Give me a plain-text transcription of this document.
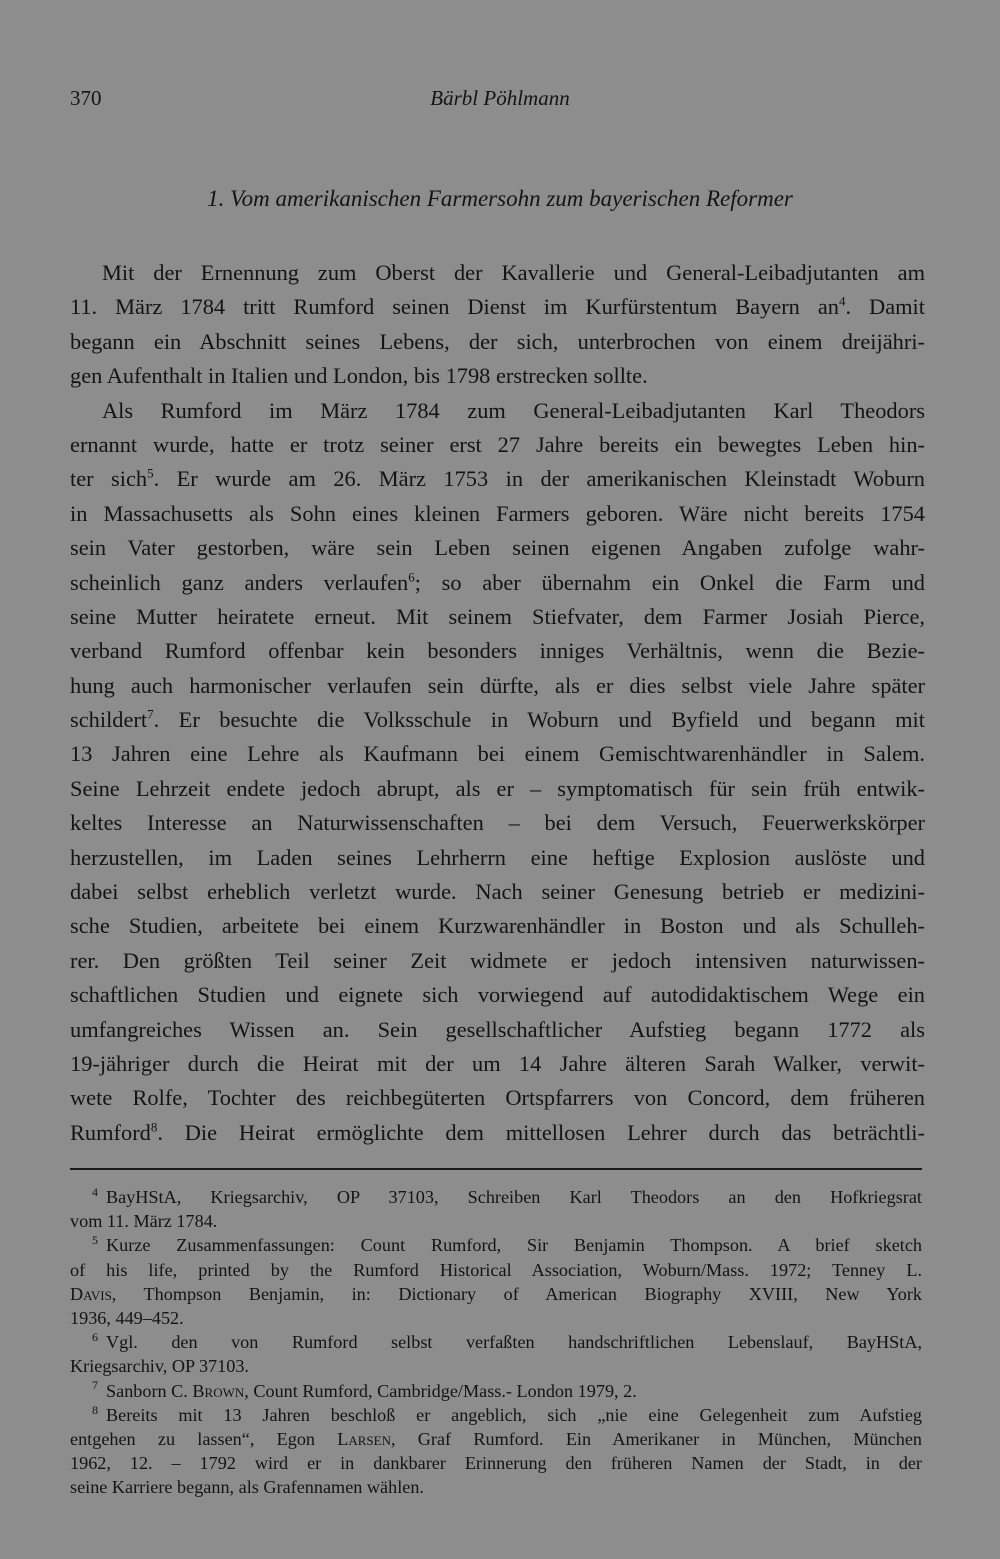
370	Bärbl Pöhlmann
1. Vom amerikanischen Farmersohn zum bayerischen Reformer
Mit der Ernennung zum Oberst der Kavallerie und General-Leibadjutanten am
11. März 1784 tritt Rumford seinen Dienst im Kurfürstentum Bayern $an^4$. Damit
begann ein Abschnitt seines Lebens, der sich, unterbrochen von einem dreijähri-
gen Aufenthalt in Italien und London, bis 1798 erstrecken sollte.
Als Rumford im März 1784 zum General-Leibadjutanten Karl Theodors
ernannt wurde, hatte er trotz seiner erst 27 Jahre bereits ein bewegtes Leben hin-
ter sich$^5$. Er wurde am 26. März 1753 in der amerikanischen Kleinstadt Woburn
in Massachusetts als Sohn eines kleinen Farmers geboren. Wäre nicht bereits 1754
sein Vater gestorben, wäre sein Leben seinen eigenen Angaben zufolge wahr-
scheinlich ganz anders verlaufen$^6$; so aber übernahm ein Onkel die Farm und
seine Mutter heiratete erneut. Mit seinem Stiefvater, dem Farmer Josiah Pierce,
verband Rumford offenbar kein besonders inniges Verhältnis, wenn die Bezie-
hung auch harmonischer verlaufen sein dürfte, als er dies selbst viele Jahre später
schildert$^7$. Er besuchte die Volksschule in Woburn und Byfield und begann mit
13 Jahren eine Lehre als Kaufmann bei einem Gemischtwarenhändler in Salem.
Seine Lehrzeit endete jedoch abrupt, als er – symptomatisch für sein früh entwik-
keltes Interesse an Naturwissenschaften – bei dem Versuch, Feuerwerkskörper
herzustellen, im Laden seines Lehrherrn eine heftige Explosion auslöste und
dabei selbst erheblich verletzt wurde. Nach seiner Genesung betrieb er medizini-
sche Studien, arbeitete bei einem Kurzwarenhändler in Boston und als Schulleh-
rer. Den größten Teil seiner Zeit widmete er jedoch intensiven naturwissen-
schaftlichen Studien und eignete sich vorwiegend auf autodidaktischem Wege ein
umfangreiches Wissen an. Sein gesellschaftlicher Aufstieg begann 1772 als
19-jähriger durch die Heirat mit der um 14 Jahre älteren Sarah Walker, verwit-
wete Rolfe, Tochter des reichbegüterten Ortspfarrers von Concord, dem früheren
Rumford$^8$. Die Heirat ermöglichte dem mittellosen Lehrer durch das beträchtli-
$^4$ BayHStA, Kriegsarchiv, OP 37103, Schreiben Karl Theodors an den Hofkriegsrat
vom 11. März 1784.
$^5$ Kurze Zusammenfassungen: Count Rumford, Sir Benjamin Thompson. A brief sketch
of his life, printed by the Rumford Historical Association, Woburn/Mass. 1972; Tenney L.
Davis, Thompson Benjamin, in: Dictionary of American Biography XVIII, New York
1936, 449–452.
$^6$ Vgl. den von Rumford selbst verfaßten handschriftlichen Lebenslauf, BayHStA,
Kriegsarchiv, OP 37103.
$^7$ Sanborn C. Brown, Count Rumford, Cambridge/Mass.- London 1979, 2.
$^8$ Bereits mit 13 Jahren beschloß er angeblich, sich „nie eine Gelegenheit zum Aufstieg
entgehen zu lassen“, Egon Larsen, Graf Rumford. Ein Amerikaner in München, München
1962, 12. – 1792 wird er in dankbarer Erinnerung den früheren Namen der Stadt, in der
seine Karriere begann, als Grafennamen wählen.
